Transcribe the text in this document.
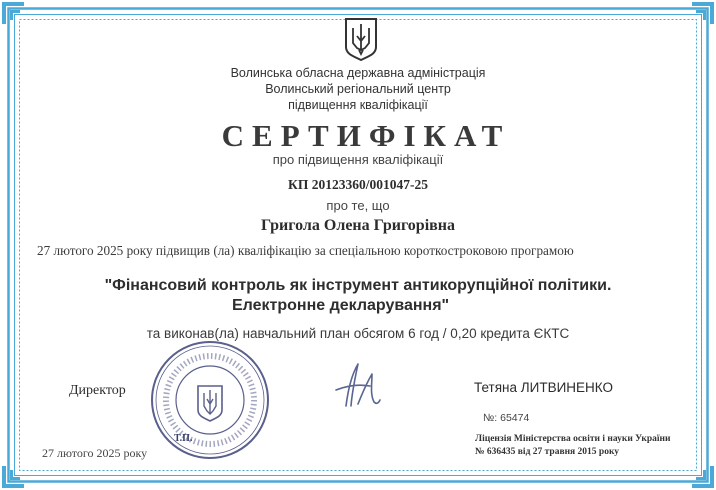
Волинська обласна державна адміністрація
Волинський регіональний центр
підвищення кваліфікації
СЕРТИФІКАТ
про підвищення кваліфікації
КП 20123360/001047-25
про те, що
Григола Олена Григорівна
27 лютого 2025 року підвищив (ла) кваліфікацію за спеціальною короткостроковою програмою
"Фінансовий контроль як інструмент антикорупційної політики.
Електронне декларування"
та виконав(ла) навчальний план обсягом 6 год / 0,20 кредита ЄКТС
Директор
27 лютого 2025 року
Т.П.
Тетяна ЛИТВИНЕНКО
№: 65474
Ліцензія Міністерства освіти і науки України
№ 636435 від 27 травня 2015 року
